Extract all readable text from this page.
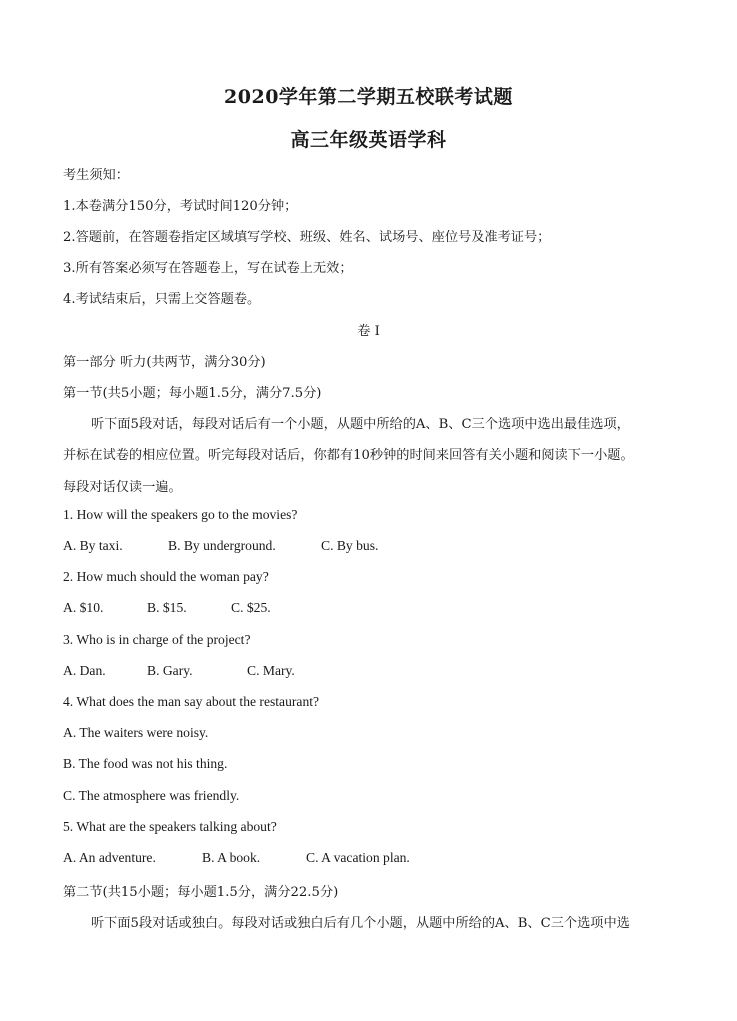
2020学年第二学期五校联考试题
高三年级英语学科
考生须知：
1.本卷满分150分，考试时间120分钟；
2.答题前，在答题卷指定区域填写学校、班级、姓名、试场号、座位号及准考证号；
3.所有答案必须写在答题卷上，写在试卷上无效；
4.考试结束后，只需上交答题卷。
卷 I
第一部分 听力(共两节，满分30分)
第一节(共5小题；每小题1.5分，满分7.5分)
听下面5段对话，每段对话后有一个小题，从题中所给的A、B、C三个选项中选出最佳选项，
并标在试卷的相应位置。听完每段对话后，你都有10秒钟的时间来回答有关小题和阅读下一小题。
每段对话仅读一遍。
1. How will the speakers go to the movies?
A. By taxi.	B. By underground.	C. By bus.
2. How much should the woman pay?
A. $10.	B. $15.	C. $25.
3. Who is in charge of the project?
A. Dan.	B. Gary.	C. Mary.
4. What does the man say about the restaurant?
A. The waiters were noisy.
B. The food was not his thing.
C. The atmosphere was friendly.
5. What are the speakers talking about?
A. An adventure.	B. A book.	C. A vacation plan.
第二节(共15小题；每小题1.5分，满分22.5分)
听下面5段对话或独白。每段对话或独白后有几个小题，从题中所给的A、B、C三个选项中选
